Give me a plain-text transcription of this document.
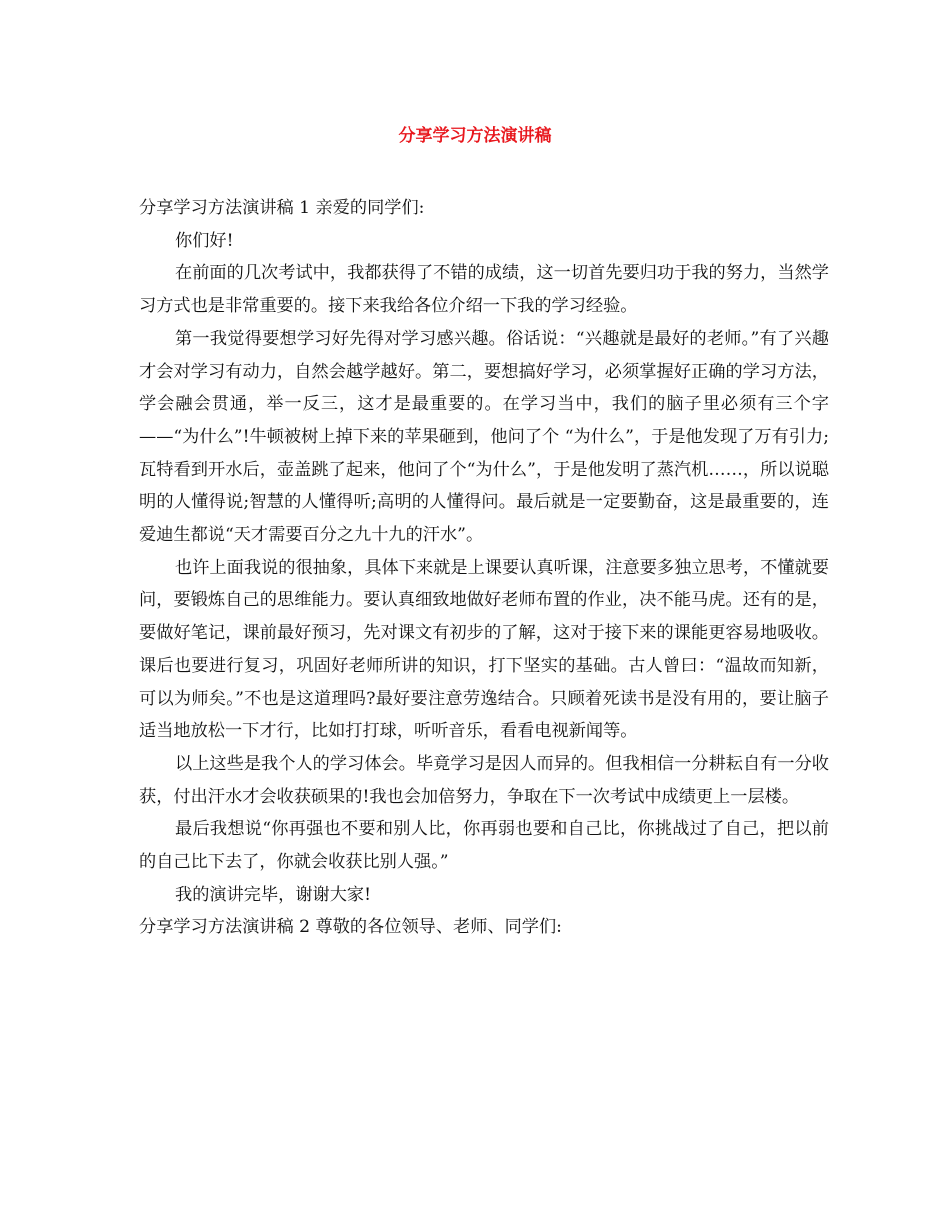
分享学习方法演讲稿

分享学习方法演讲稿 1 亲爱的同学们:

你们好!

在前面的几次考试中，我都获得了不错的成绩，这一切首先要归功于我的努力，当然学习方式也是非常重要的。接下来我给各位介绍一下我的学习经验。

第一我觉得要想学习好先得对学习感兴趣。俗话说：“兴趣就是最好的老师。”有了兴趣才会对学习有动力，自然会越学越好。第二，要想搞好学习，必须掌握好正确的学习方法，学会融会贯通，举一反三，这才是最重要的。在学习当中，我们的脑子里必须有三个字——“为什么”!牛顿被树上掉下来的苹果砸到，他问了个 “为什么”，于是他发现了万有引力;瓦特看到开水后，壶盖跳了起来，他问了个“为什么”，于是他发明了蒸汽机……，所以说聪明的人懂得说;智慧的人懂得听;高明的人懂得问。最后就是一定要勤奋，这是最重要的，连爱迪生都说“天才需要百分之九十九的汗水”。

也许上面我说的很抽象，具体下来就是上课要认真听课，注意要多独立思考，不懂就要问，要锻炼自己的思维能力。要认真细致地做好老师布置的作业，决不能马虎。还有的是，要做好笔记，课前最好预习，先对课文有初步的了解，这对于接下来的课能更容易地吸收。课后也要进行复习，巩固好老师所讲的知识，打下坚实的基础。古人曾曰：“温故而知新，可以为师矣。”不也是这道理吗?最好要注意劳逸结合。只顾着死读书是没有用的，要让脑子适当地放松一下才行，比如打打球，听听音乐，看看电视新闻等。

以上这些是我个人的学习体会。毕竟学习是因人而异的。但我相信一分耕耘自有一分收获，付出汗水才会收获硕果的!我也会加倍努力，争取在下一次考试中成绩更上一层楼。

最后我想说“你再强也不要和别人比，你再弱也要和自己比，你挑战过了自己，把以前的自己比下去了，你就会收获比别人强。”

我的演讲完毕，谢谢大家!

分享学习方法演讲稿 2 尊敬的各位领导、老师、同学们:
